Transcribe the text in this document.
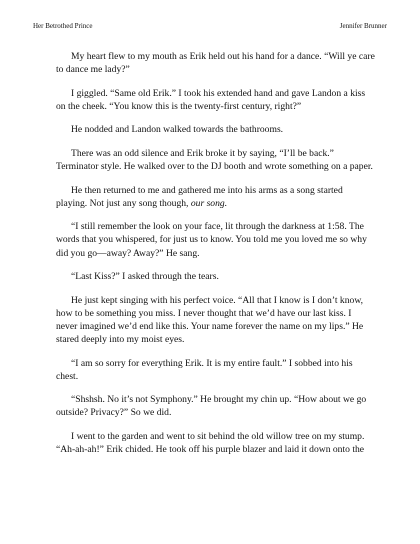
Her Betrothed Prince	Jennifer Brunner

My heart flew to my mouth as Erik held out his hand for a dance. “Will ye care to dance me lady?”

I giggled. “Same old Erik.” I took his extended hand and gave Landon a kiss on the cheek. “You know this is the twenty-first century, right?”

He nodded and Landon walked towards the bathrooms.

There was an odd silence and Erik broke it by saying, “I’ll be back.” Terminator style. He walked over to the DJ booth and wrote something on a paper.

He then returned to me and gathered me into his arms as a song started playing. Not just any song though, our song.

“I still remember the look on your face, lit through the darkness at 1:58. The words that you whispered, for just us to know. You told me you loved me so why did you go—away? Away?” He sang.

“Last Kiss?” I asked through the tears.

He just kept singing with his perfect voice. “All that I know is I don’t know, how to be something you miss. I never thought that we’d have our last kiss. I never imagined we’d end like this. Your name forever the name on my lips.” He stared deeply into my moist eyes.

“I am so sorry for everything Erik. It is my entire fault.” I sobbed into his chest.

“Shshsh. No it’s not Symphony.” He brought my chin up. “How about we go outside? Privacy?” So we did.

I went to the garden and went to sit behind the old willow tree on my stump. “Ah-ah-ah!” Erik chided. He took off his purple blazer and laid it down onto the
